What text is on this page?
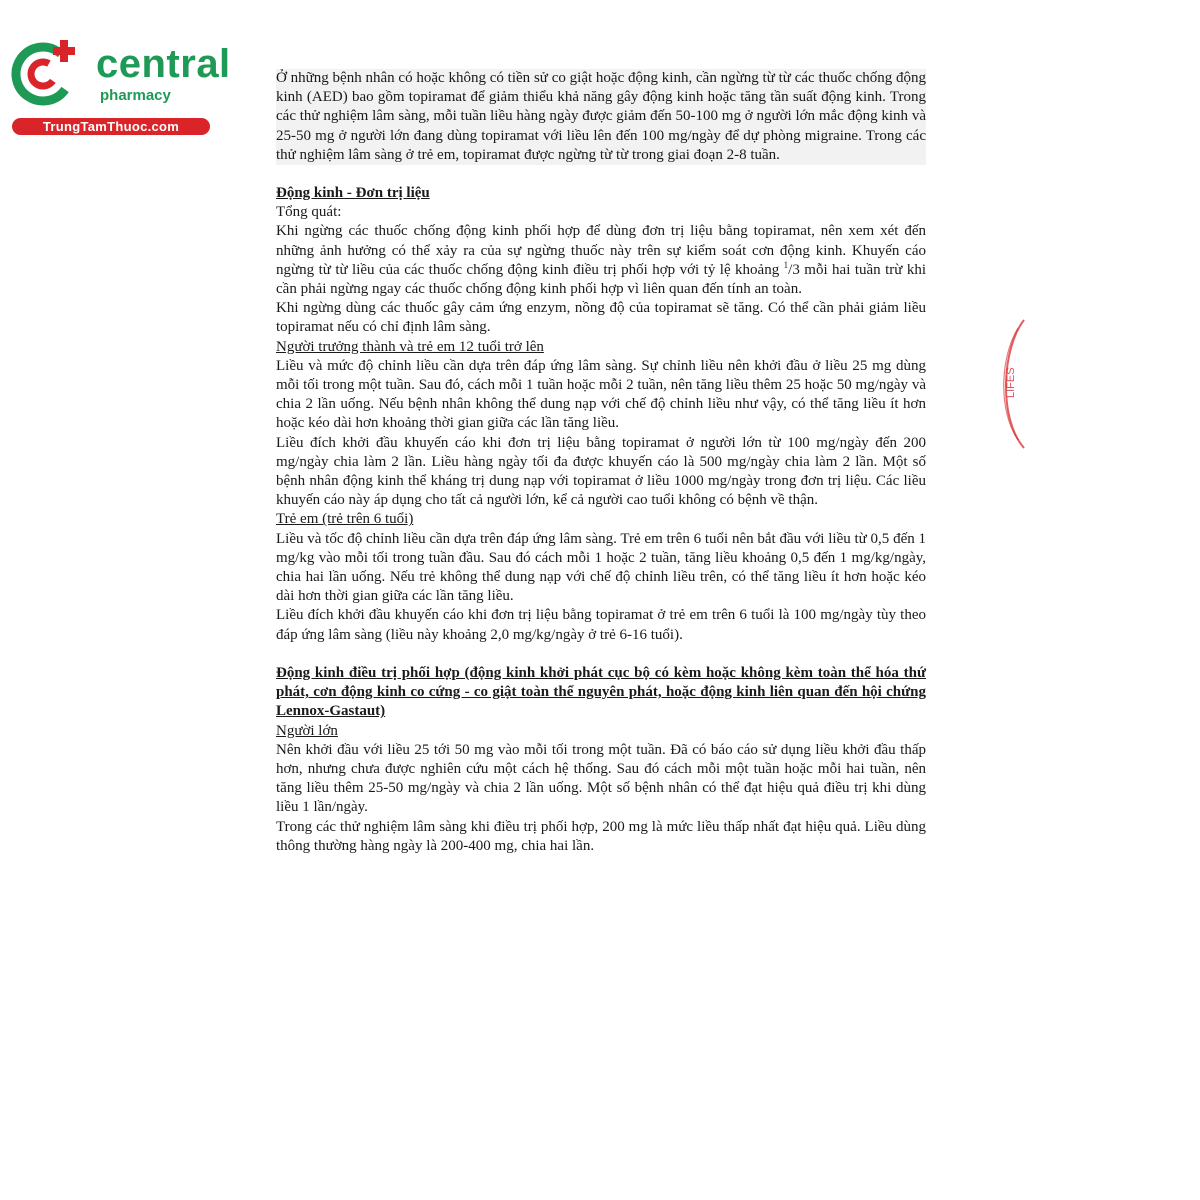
central
pharmacy
TrungTamThuoc.com
LIFES

Ở những bệnh nhân có hoặc không có tiền sử co giật hoặc động kinh, cần ngừng từ từ các thuốc chống động kinh (AED) bao gồm topiramat để giảm thiểu khả năng gây động kinh hoặc tăng tần suất động kinh. Trong các thử nghiệm lâm sàng, mỗi tuần liều hàng ngày được giảm đến 50-100 mg ở người lớn mắc động kinh và 25-50 mg ở người lớn đang dùng topiramat với liều lên đến 100 mg/ngày để dự phòng migraine. Trong các thử nghiệm lâm sàng ở trẻ em, topiramat được ngừng từ từ trong giai đoạn 2-8 tuần.

Động kinh - Đơn trị liệu

Tổng quát:

Khi ngừng các thuốc chống động kinh phối hợp để dùng đơn trị liệu bằng topiramat, nên xem xét đến những ảnh hưởng có thể xảy ra của sự ngừng thuốc này trên sự kiểm soát cơn động kinh. Khuyến cáo ngừng từ từ liều của các thuốc chống động kinh điều trị phối hợp với tỷ lệ khoảng $^1$/3 mỗi hai tuần trừ khi cần phải ngừng ngay các thuốc chống động kinh phối hợp vì liên quan đến tính an toàn.

Khi ngừng dùng các thuốc gây cảm ứng enzym, nồng độ của topiramat sẽ tăng. Có thể cần phải giảm liều topiramat nếu có chỉ định lâm sàng.

Người trưởng thành và trẻ em 12 tuổi trở lên

Liều và mức độ chỉnh liều cần dựa trên đáp ứng lâm sàng. Sự chỉnh liều nên khởi đầu ở liều 25 mg dùng mỗi tối trong một tuần. Sau đó, cách mỗi 1 tuần hoặc mỗi 2 tuần, nên tăng liều thêm 25 hoặc 50 mg/ngày và chia 2 lần uống. Nếu bệnh nhân không thể dung nạp với chế độ chỉnh liều như vậy, có thể tăng liều ít hơn hoặc kéo dài hơn khoảng thời gian giữa các lần tăng liều.

Liều đích khởi đầu khuyến cáo khi đơn trị liệu bằng topiramat ở người lớn từ 100 mg/ngày đến 200 mg/ngày chia làm 2 lần. Liều hàng ngày tối đa được khuyến cáo là 500 mg/ngày chia làm 2 lần. Một số bệnh nhân động kinh thể kháng trị dung nạp với topiramat ở liều 1000 mg/ngày trong đơn trị liệu. Các liều khuyến cáo này áp dụng cho tất cả người lớn, kể cả người cao tuổi không có bệnh về thận.

Trẻ em (trẻ trên 6 tuổi)

Liều và tốc độ chỉnh liều cần dựa trên đáp ứng lâm sàng. Trẻ em trên 6 tuổi nên bắt đầu với liều từ 0,5 đến 1 mg/kg vào mỗi tối trong tuần đầu. Sau đó cách mỗi 1 hoặc 2 tuần, tăng liều khoảng 0,5 đến 1 mg/kg/ngày, chia hai lần uống. Nếu trẻ không thể dung nạp với chế độ chỉnh liều trên, có thể tăng liều ít hơn hoặc kéo dài hơn thời gian giữa các lần tăng liều.

Liều đích khởi đầu khuyến cáo khi đơn trị liệu bằng topiramat ở trẻ em trên 6 tuổi là 100 mg/ngày tùy theo đáp ứng lâm sàng (liều này khoảng 2,0 mg/kg/ngày ở trẻ 6-16 tuổi).

Động kinh điều trị phối hợp (động kinh khởi phát cục bộ có kèm hoặc không kèm toàn thể hóa thứ phát, cơn động kinh co cứng - co giật toàn thể nguyên phát, hoặc động kinh liên quan đến hội chứng Lennox-Gastaut)

Người lớn

Nên khởi đầu với liều 25 tới 50 mg vào mỗi tối trong một tuần. Đã có báo cáo sử dụng liều khởi đầu thấp hơn, nhưng chưa được nghiên cứu một cách hệ thống. Sau đó cách mỗi một tuần hoặc mỗi hai tuần, nên tăng liều thêm 25-50 mg/ngày và chia 2 lần uống. Một số bệnh nhân có thể đạt hiệu quả điều trị khi dùng liều 1 lần/ngày.

Trong các thử nghiệm lâm sàng khi điều trị phối hợp, 200 mg là mức liều thấp nhất đạt hiệu quả. Liều dùng thông thường hàng ngày là 200-400 mg, chia hai lần.
